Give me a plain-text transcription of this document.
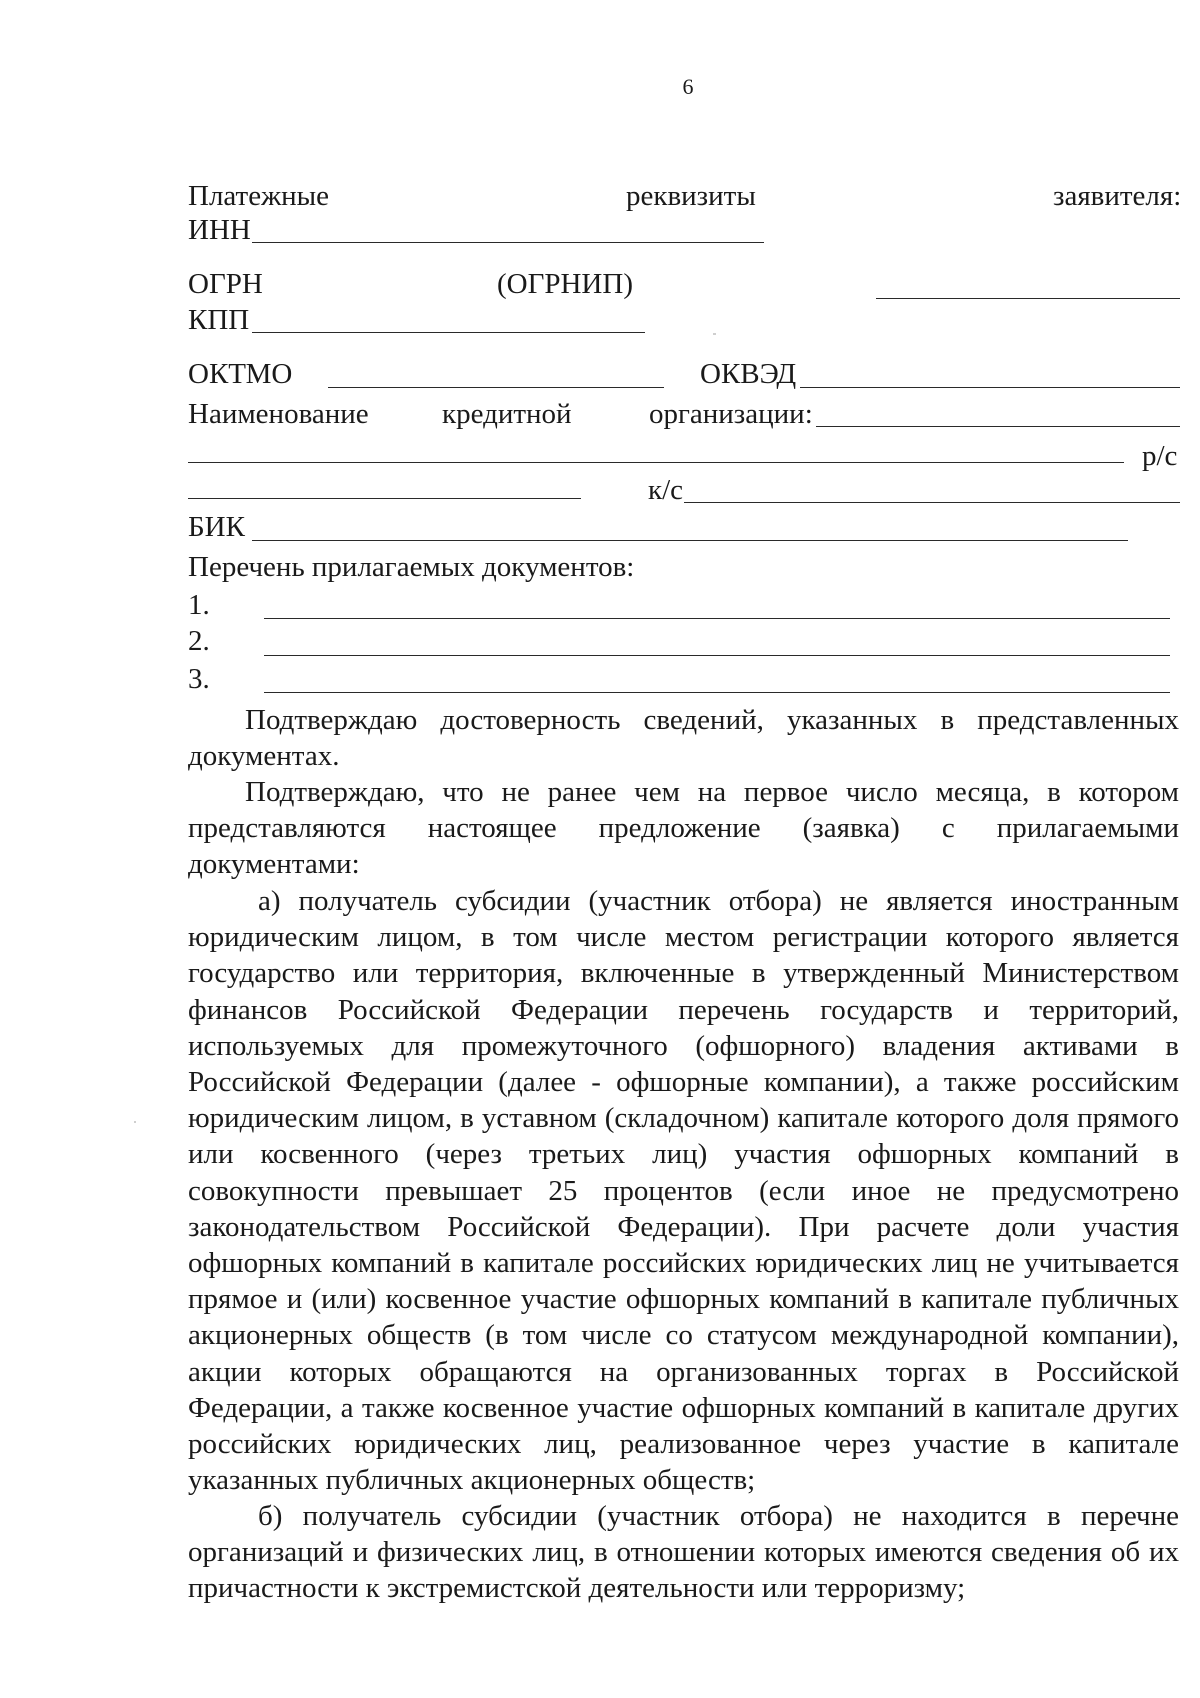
6
Платежные	реквизиты	заявителя:
ИНН
ОГРН	(ОГРНИП)
КПП
ОКТМО	ОКВЭД
Наименование	кредитной	организации:
р/с
к/с
БИК
Перечень прилагаемых документов:
1.
2.
3.
Подтверждаю достоверность сведений, указанных в представленных документах.
Подтверждаю, что не ранее чем на первое число месяца, в котором представляются настоящее предложение (заявка) с прилагаемыми документами:
а) получатель субсидии (участник отбора) не является иностранным юридическим лицом, в том числе местом регистрации которого является государство или территория, включенные в утвержденный Министерством финансов Российской Федерации перечень государств и территорий, используемых для промежуточного (офшорного) владения активами в Российской Федерации (далее - офшорные компании), а также российским юридическим лицом, в уставном (складочном) капитале которого доля прямого или косвенного (через третьих лиц) участия офшорных компаний в совокупности превышает 25 процентов (если иное не предусмотрено законодательством Российской Федерации). При расчете доли участия офшорных компаний в капитале российских юридических лиц не учитывается прямое и (или) косвенное участие офшорных компаний в капитале публичных акционерных обществ (в том числе со статусом международной компании), акции которых обращаются на организованных торгах в Российской Федерации, а также косвенное участие офшорных компаний в капитале других российских юридических лиц, реализованное через участие в капитале указанных публичных акционерных обществ;
б) получатель субсидии (участник отбора) не находится в перечне организаций и физических лиц, в отношении которых имеются сведения об их причастности к экстремистской деятельности или терроризму;
